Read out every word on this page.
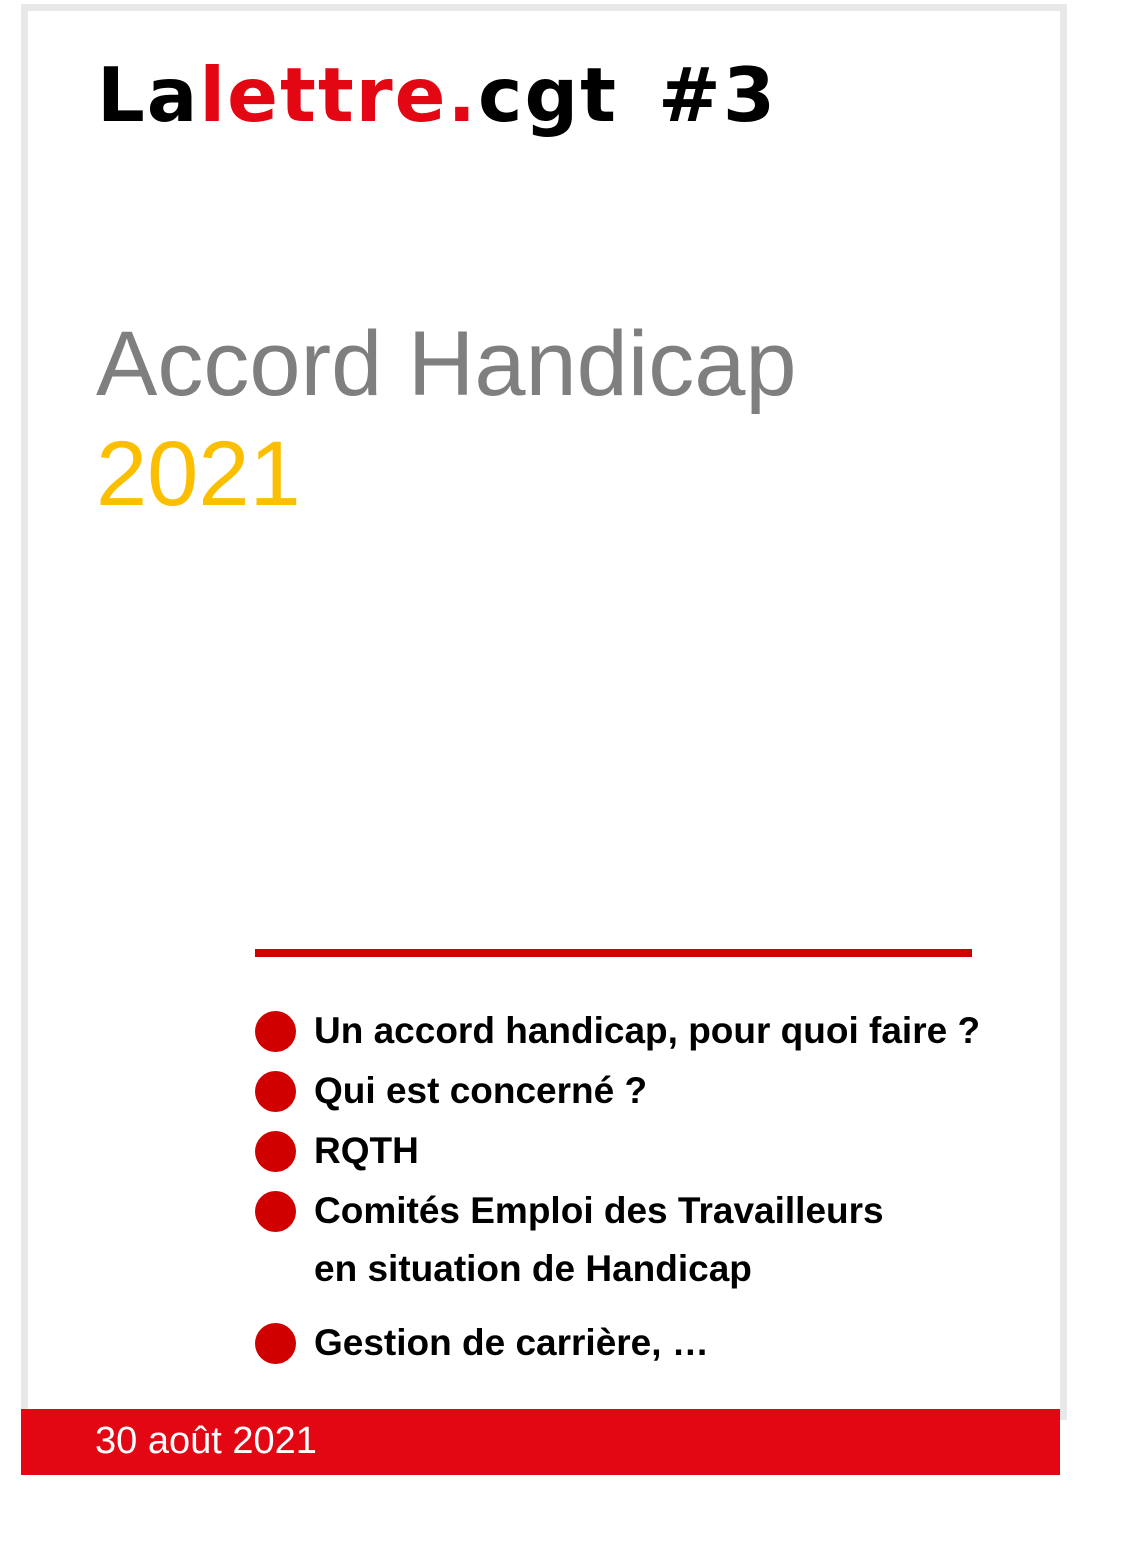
Lalettre.cgt #3
Accord Handicap
2021
Un accord handicap, pour quoi faire ?
Qui est concerné ?
RQTH
Comités Emploi des Travailleurs
en situation de Handicap
Gestion de carrière, …
30 août 2021
